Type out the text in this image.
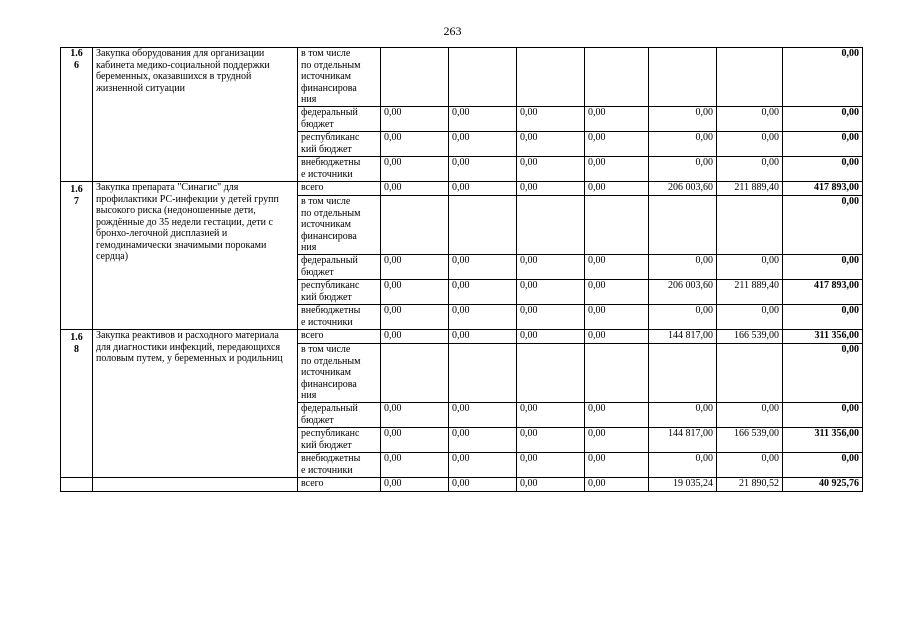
263
1.6
6	Закупка оборудования для организации кабинета медико-социальной поддержки беременных, оказавшихся в трудной жизненной ситуации	в том числе
по отдельным
источникам
финансирова
ния							0,00
		федеральный
бюджет	0,00	0,00	0,00	0,00	0,00	0,00	0,00
		республиканс
кий бюджет	0,00	0,00	0,00	0,00	0,00	0,00	0,00
		внебюджетны
е источники	0,00	0,00	0,00	0,00	0,00	0,00	0,00
1.6
7	Закупка препарата "Синагис" для профилактики РС-инфекции у детей групп высокого риска (недоношенные дети, рождённые до 35 недели гестации, дети с бронхо-легочной дисплазией и гемодинамически значимыми пороками сердца)	всего	0,00	0,00	0,00	0,00	206 003,60	211 889,40	417 893,00
		в том числе
по отдельным
источникам
финансирова
ния							0,00
		федеральный
бюджет	0,00	0,00	0,00	0,00	0,00	0,00	0,00
		республиканс
кий бюджет	0,00	0,00	0,00	0,00	206 003,60	211 889,40	417 893,00
		внебюджетны
е источники	0,00	0,00	0,00	0,00	0,00	0,00	0,00
1.6
8	Закупка реактивов и расходного материала для диагностики инфекций, передающихся половым путем, у беременных и родильниц	всего	0,00	0,00	0,00	0,00	144 817,00	166 539,00	311 356,00
		в том числе
по отдельным
источникам
финансирова
ния							0,00
		федеральный
бюджет	0,00	0,00	0,00	0,00	0,00	0,00	0,00
		республиканс
кий бюджет	0,00	0,00	0,00	0,00	144 817,00	166 539,00	311 356,00
		внебюджетны
е источники	0,00	0,00	0,00	0,00	0,00	0,00	0,00
		всего	0,00	0,00	0,00	0,00	19 035,24	21 890,52	40 925,76
